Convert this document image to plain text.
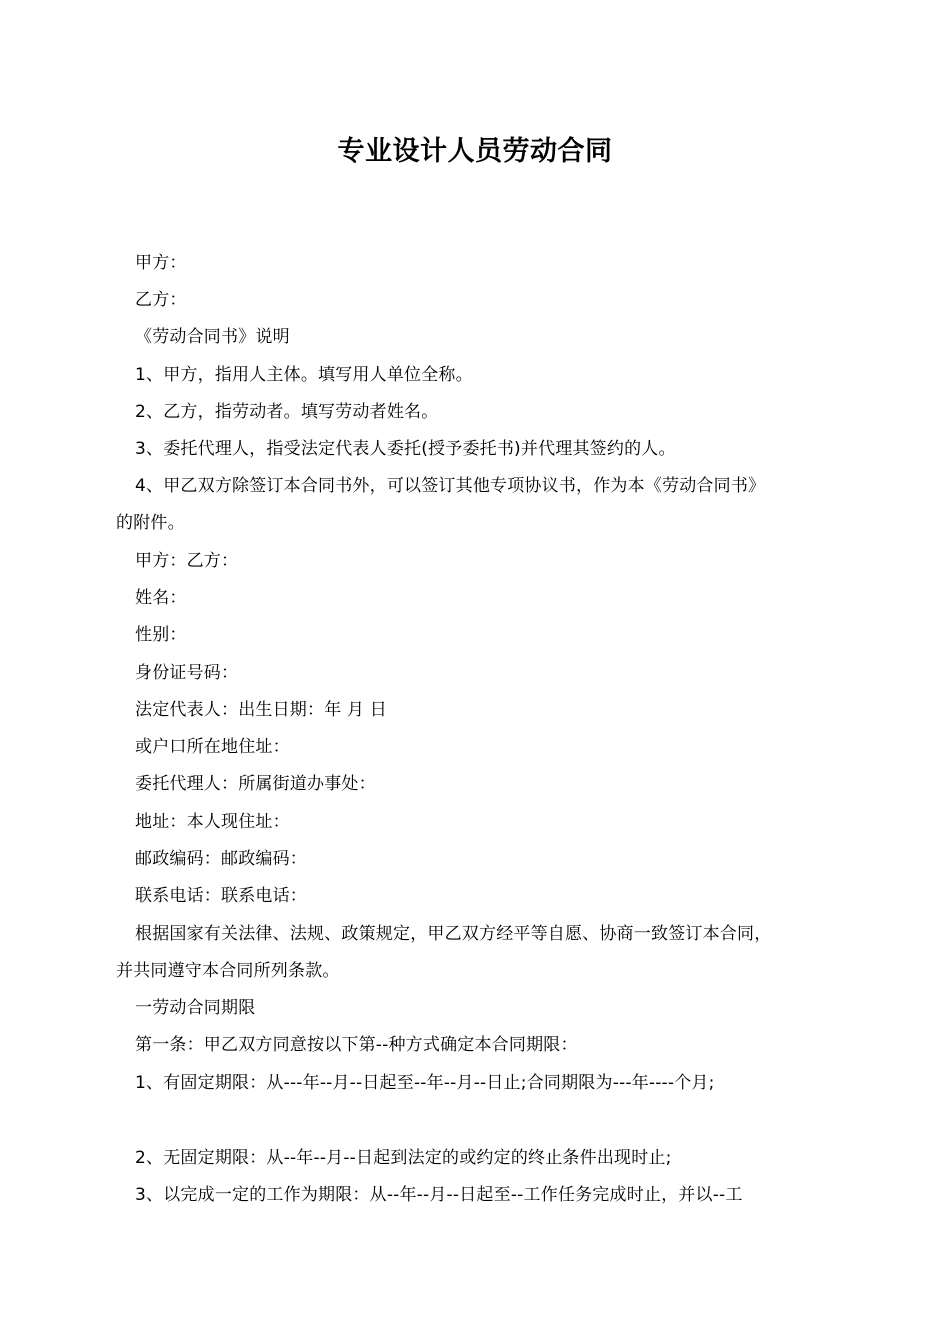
专业设计人员劳动合同

甲方：

乙方：

《劳动合同书》说明

1、甲方，指用人主体。填写用人单位全称。

2、乙方，指劳动者。填写劳动者姓名。

3、委托代理人，指受法定代表人委托(授予委托书)并代理其签约的人。

4、甲乙双方除签订本合同书外，可以签订其他专项协议书，作为本《劳动合同书》

的附件。

甲方：乙方：

姓名：

性别：

身份证号码：

法定代表人：出生日期：年 月 日

或户口所在地住址：

委托代理人：所属街道办事处：

地址：本人现住址：

邮政编码：邮政编码：

联系电话：联系电话：

根据国家有关法律、法规、政策规定，甲乙双方经平等自愿、协商一致签订本合同，

并共同遵守本合同所列条款。

一劳动合同期限

第一条：甲乙双方同意按以下第--种方式确定本合同期限：

1、有固定期限：从---年--月--日起至--年--月--日止;合同期限为---年----个月;

2、无固定期限：从--年--月--日起到法定的或约定的终止条件出现时止;

3、以完成一定的工作为期限：从--年--月--日起至--工作任务完成时止，并以--工
